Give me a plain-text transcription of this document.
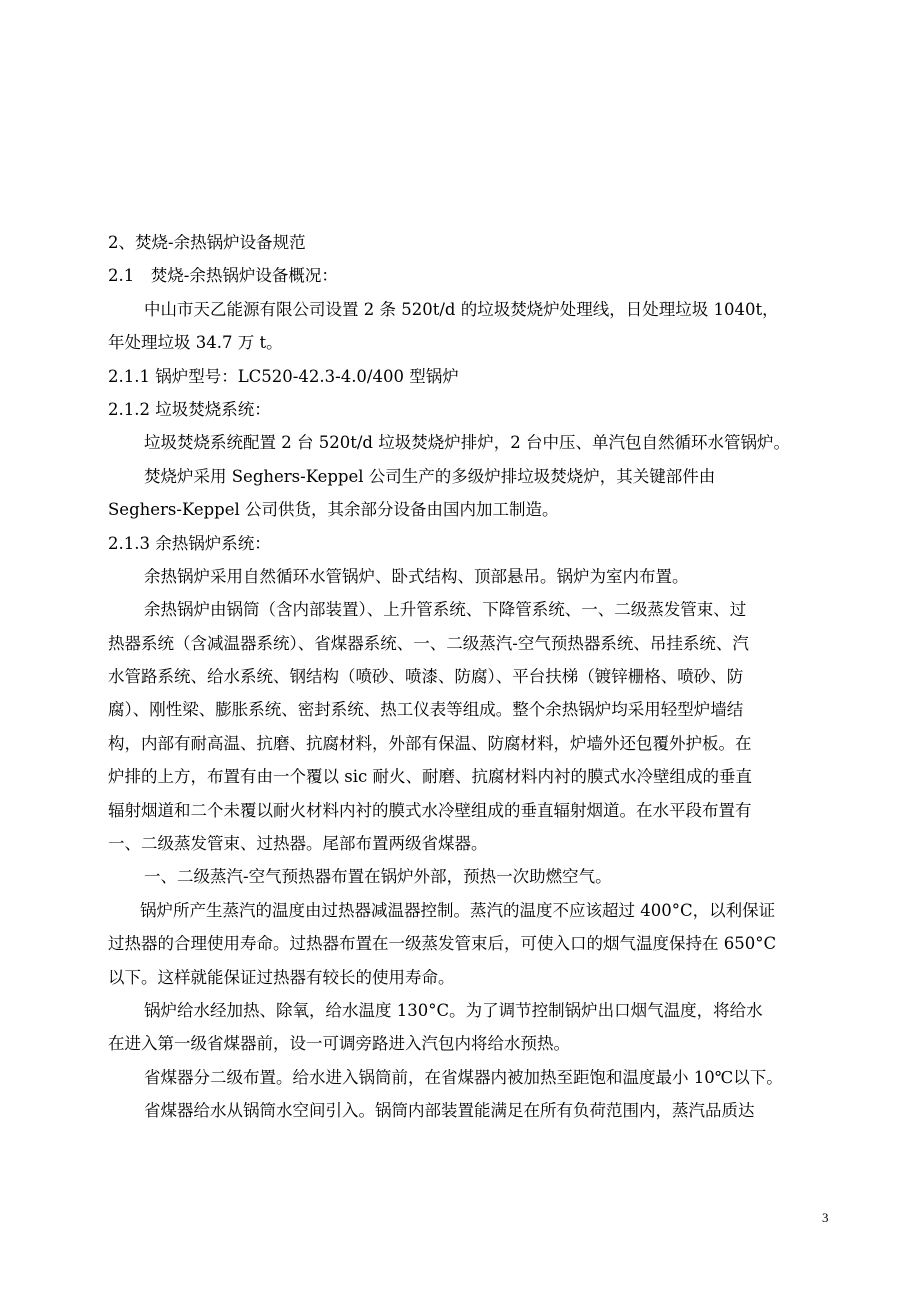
2、焚烧-余热锅炉设备规范
2.1　焚烧-余热锅炉设备概况：
中山市天乙能源有限公司设置 2 条 520t/d 的垃圾焚烧炉处理线，日处理垃圾 1040t，
年处理垃圾 34.7 万 t。
2.1.1 锅炉型号：LC520-42.3-4.0/400 型锅炉
2.1.2 垃圾焚烧系统：
垃圾焚烧系统配置 2 台 520t/d 垃圾焚烧炉排炉，2 台中压、单汽包自然循环水管锅炉。
焚烧炉采用 Seghers-Keppel 公司生产的多级炉排垃圾焚烧炉，其关键部件由
Seghers-Keppel 公司供货，其余部分设备由国内加工制造。
2.1.3 余热锅炉系统：
余热锅炉采用自然循环水管锅炉、卧式结构、顶部悬吊。锅炉为室内布置。
余热锅炉由锅筒（含内部装置）、上升管系统、下降管系统、一、二级蒸发管束、过
热器系统（含减温器系统）、省煤器系统、一、二级蒸汽-空气预热器系统、吊挂系统、汽
水管路系统、给水系统、钢结构（喷砂、喷漆、防腐）、平台扶梯（镀锌栅格、喷砂、防
腐）、刚性梁、膨胀系统、密封系统、热工仪表等组成。整个余热锅炉均采用轻型炉墙结
构，内部有耐高温、抗磨、抗腐材料，外部有保温、防腐材料，炉墙外还包覆外护板。在
炉排的上方，布置有由一个覆以 sic 耐火、耐磨、抗腐材料内衬的膜式水冷壁组成的垂直
辐射烟道和二个未覆以耐火材料内衬的膜式水冷壁组成的垂直辐射烟道。在水平段布置有
一、二级蒸发管束、过热器。尾部布置两级省煤器。
一、二级蒸汽-空气预热器布置在锅炉外部，预热一次助燃空气。
锅炉所产生蒸汽的温度由过热器减温器控制。蒸汽的温度不应该超过 400°C，以利保证
过热器的合理使用寿命。过热器布置在一级蒸发管束后，可使入口的烟气温度保持在 650°C
以下。这样就能保证过热器有较长的使用寿命。
锅炉给水经加热、除氧，给水温度 130°C。为了调节控制锅炉出口烟气温度，将给水
在进入第一级省煤器前，设一可调旁路进入汽包内将给水预热。
省煤器分二级布置。给水进入锅筒前，在省煤器内被加热至距饱和温度最小 10℃以下。
省煤器给水从锅筒水空间引入。锅筒内部装置能满足在所有负荷范围内，蒸汽品质达
3
